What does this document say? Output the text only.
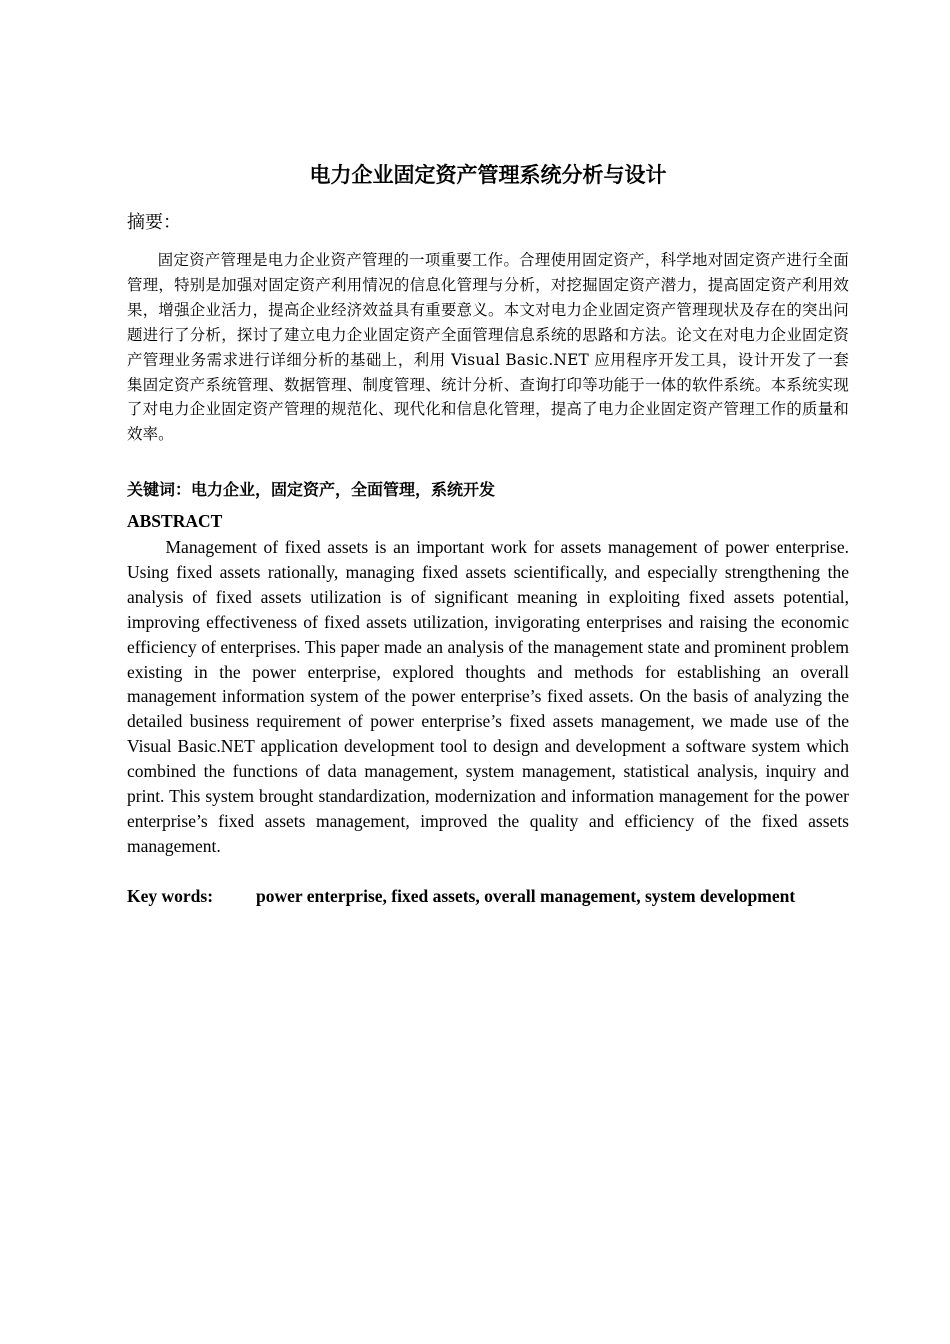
电力企业固定资产管理系统分析与设计
摘要：
固定资产管理是电力企业资产管理的一项重要工作。合理使用固定资产，科学地对固定资产进行全面管理，特别是加强对固定资产利用情况的信息化管理与分析，对挖掘固定资产潜力，提高固定资产利用效果，增强企业活力，提高企业经济效益具有重要意义。本文对电力企业固定资产管理现状及存在的突出问题进行了分析，探讨了建立电力企业固定资产全面管理信息系统的思路和方法。论文在对电力企业固定资产管理业务需求进行详细分析的基础上，利用 Visual Basic.NET 应用程序开发工具，设计开发了一套集固定资产系统管理、数据管理、制度管理、统计分析、查询打印等功能于一体的软件系统。本系统实现了对电力企业固定资产管理的规范化、现代化和信息化管理，提高了电力企业固定资产管理工作的质量和效率。
关键词：电力企业，固定资产，全面管理，系统开发
ABSTRACT
Management of fixed assets is an important work for assets management of power enterprise. Using fixed assets rationally, managing fixed assets scientifically, and especially strengthening the analysis of fixed assets utilization is of significant meaning in exploiting fixed assets potential, improving effectiveness of fixed assets utilization, invigorating enterprises and raising the economic efficiency of enterprises. This paper made an analysis of the management state and prominent problem existing in the power enterprise, explored thoughts and methods for establishing an overall management information system of the power enterprise’s fixed assets. On the basis of analyzing the detailed business requirement of power enterprise’s fixed assets management, we made use of the Visual Basic.NET application development tool to design and development a software system which combined the functions of data management, system management, statistical analysis, inquiry and print. This system brought standardization, modernization and information management for the power enterprise’s fixed assets management, improved the quality and efficiency of the fixed assets management.
Key words:	power enterprise, fixed assets, overall management, system development
